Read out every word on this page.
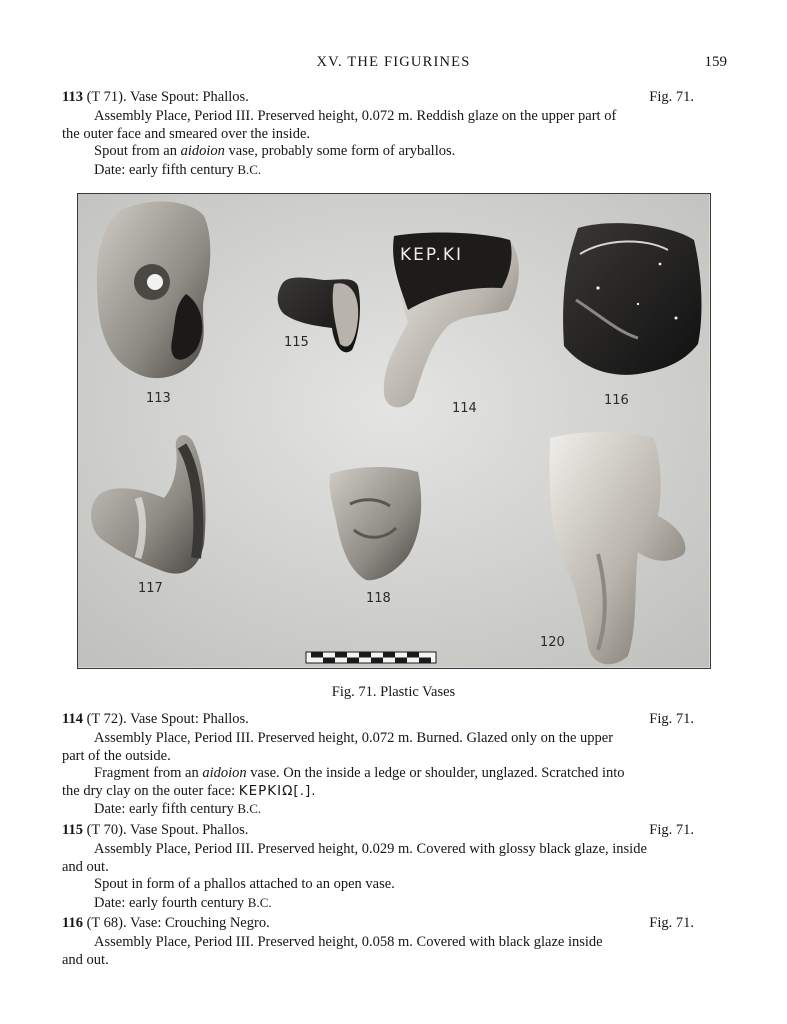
XV. THE FIGURINES	159
113 (T 71). Vase Spout: Phallos.	Fig. 71.
Assembly Place, Period III. Preserved height, 0.072 m. Reddish glaze on the upper part of
the outer face and smeared over the inside.
Spout from an aidoion vase, probably some form of aryballos.
Date: early fifth century B.C.
113
115
KEP.KI
114
116
117
118
120
Fig. 71. Plastic Vases
114 (T 72). Vase Spout: Phallos.	Fig. 71.
Assembly Place, Period III. Preserved height, 0.072 m. Burned. Glazed only on the upper
part of the outside.
Fragment from an aidoion vase. On the inside a ledge or shoulder, unglazed. Scratched into
the dry clay on the outer face: ΚΕΡΚΙΩ[.].
Date: early fifth century B.C.
115 (T 70). Vase Spout. Phallos.	Fig. 71.
Assembly Place, Period III. Preserved height, 0.029 m. Covered with glossy black glaze, inside
and out.
Spout in form of a phallos attached to an open vase.
Date: early fourth century B.C.
116 (T 68). Vase: Crouching Negro.	Fig. 71.
Assembly Place, Period III. Preserved height, 0.058 m. Covered with black glaze inside
and out.
